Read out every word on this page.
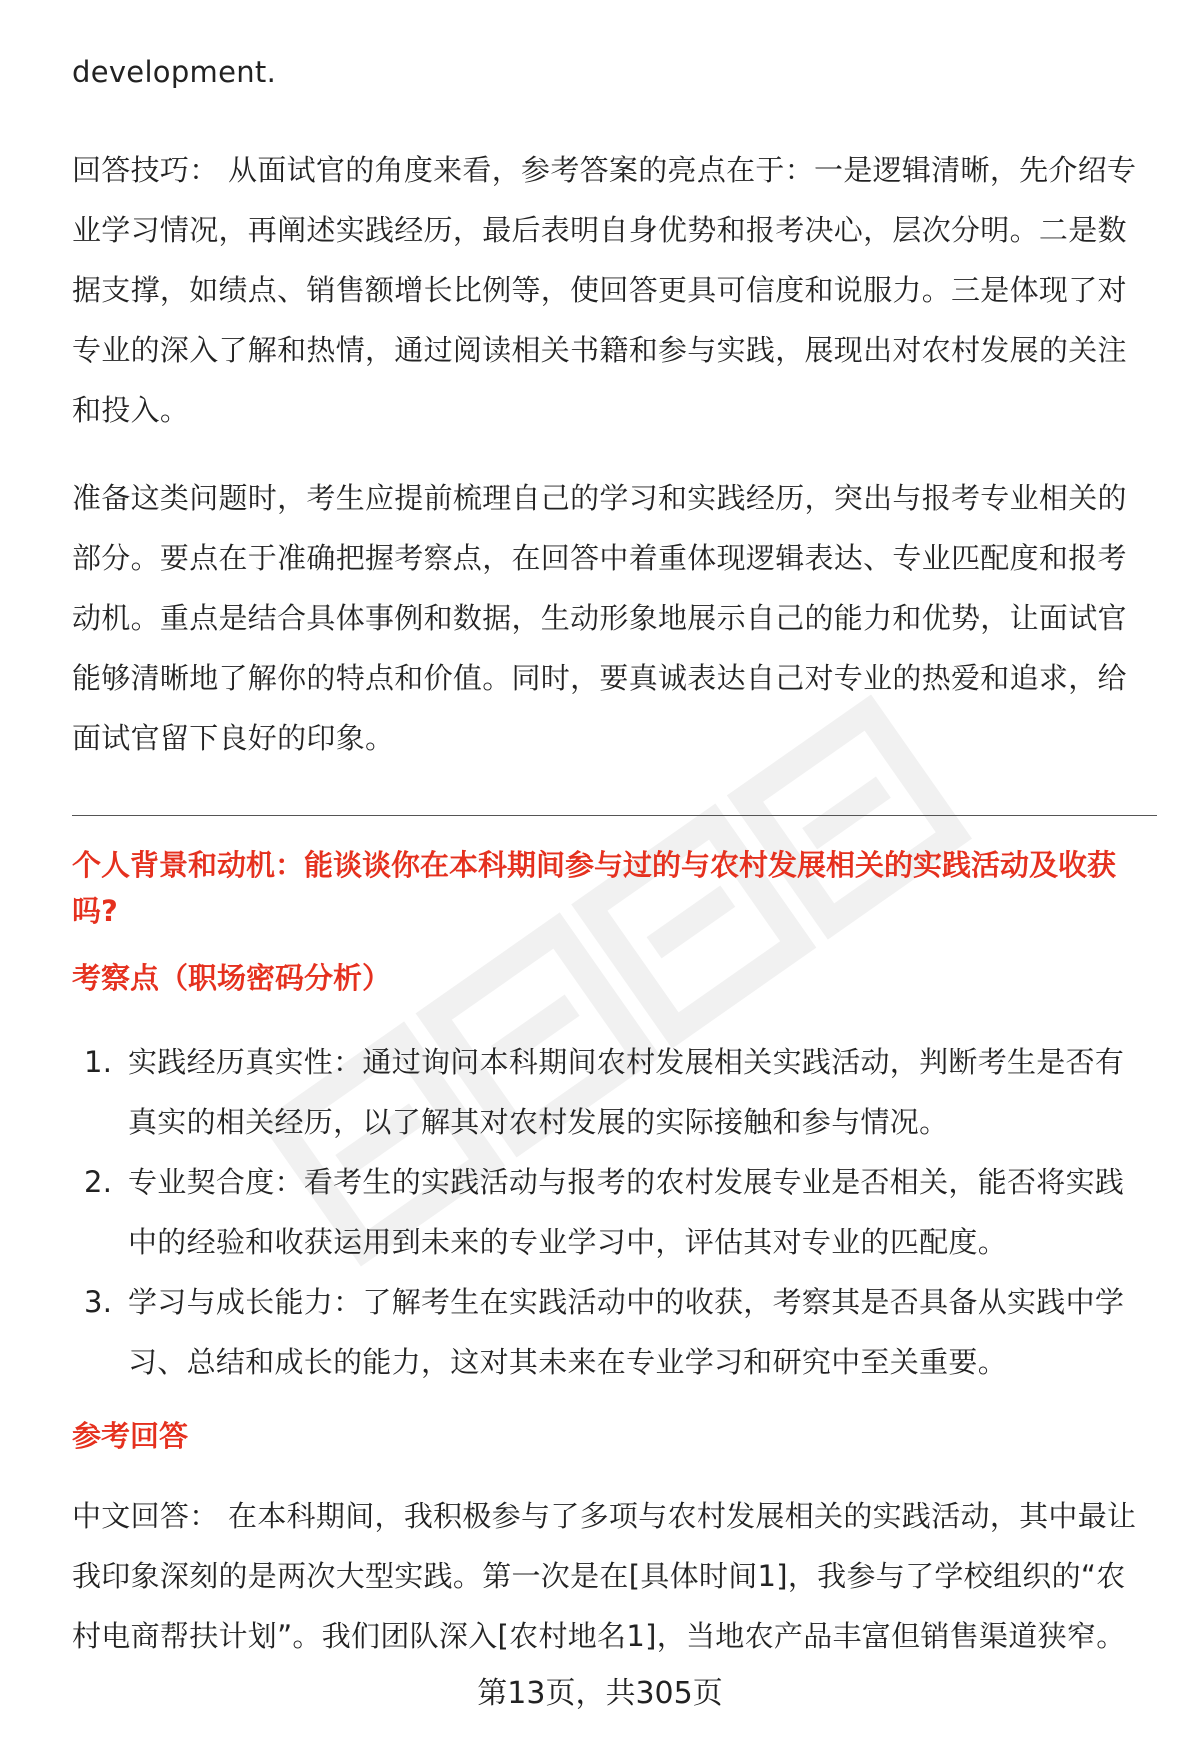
development.

回答技巧： 从面试官的角度来看，参考答案的亮点在于：一是逻辑清晰，先介绍专业学习情况，再阐述实践经历，最后表明自身优势和报考决心，层次分明。二是数据支撑，如绩点、销售额增长比例等，使回答更具可信度和说服力。三是体现了对专业的深入了解和热情，通过阅读相关书籍和参与实践，展现出对农村发展的关注和投入。

准备这类问题时，考生应提前梳理自己的学习和实践经历，突出与报考专业相关的部分。要点在于准确把握考察点，在回答中着重体现逻辑表达、专业匹配度和报考动机。重点是结合具体事例和数据，生动形象地展示自己的能力和优势，让面试官能够清晰地了解你的特点和价值。同时，要真诚表达自己对专业的热爱和追求，给面试官留下良好的印象。

个人背景和动机：能谈谈你在本科期间参与过的与农村发展相关的实践活动及收获吗?
考察点（职场密码分析）
1. 实践经历真实性：通过询问本科期间农村发展相关实践活动，判断考生是否有真实的相关经历，以了解其对农村发展的实际接触和参与情况。
2. 专业契合度：看考生的实践活动与报考的农村发展专业是否相关，能否将实践中的经验和收获运用到未来的专业学习中，评估其对专业的匹配度。
3. 学习与成长能力：了解考生在实践活动中的收获，考察其是否具备从实践中学习、总结和成长的能力，这对其未来在专业学习和研究中至关重要。
参考回答

中文回答： 在本科期间，我积极参与了多项与农村发展相关的实践活动，其中最让我印象深刻的是两次大型实践。第一次是在[具体时间1]，我参与了学校组织的“农村电商帮扶计划”。我们团队深入[农村地名1]，当地农产品丰富但销售渠道狭窄。

第13页，共305页
